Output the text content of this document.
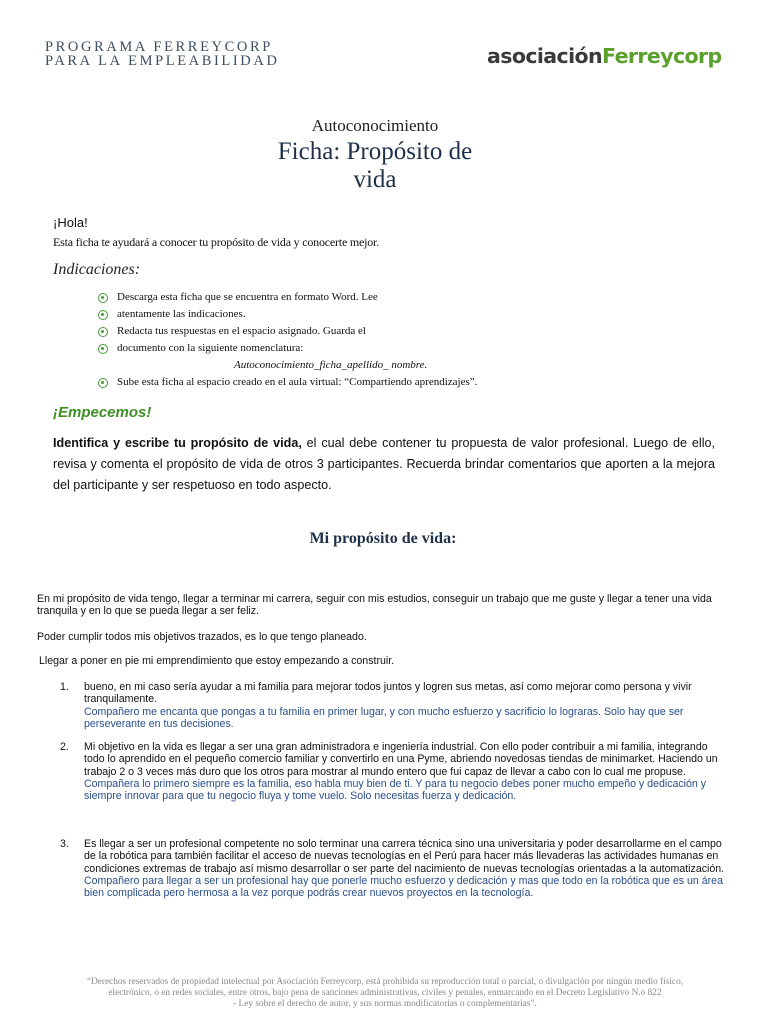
PROGRAMA FERREYCORP
PARA LA EMPLEABILIDAD	asociaciónFerreycorp
Autoconocimiento
Ficha: Propósito de
vida
¡Hola!
Esta ficha te ayudará a conocer tu propósito de vida y conocerte mejor.
Indicaciones:
Descarga esta ficha que se encuentra en formato Word. Lee
atentamente las indicaciones.
Redacta tus respuestas en el espacio asignado. Guarda el
documento con la siguiente nomenclatura:
Autoconocimiento_ficha_apellido_ nombre.
Sube esta ficha al espacio creado en el aula virtual: “Compartiendo aprendizajes”.
¡Empecemos!
Identifica y escribe tu propósito de vida, el cual debe contener tu propuesta de valor profesional. Luego de ello, revisa y comenta el propósito de vida de otros 3 participantes. Recuerda brindar comentarios que aporten a la mejora del participante y ser respetuoso en todo aspecto.
Mi propósito de vida:
En mi propósito de vida tengo, llegar a terminar mi carrera, seguir con mis estudios, conseguir un trabajo que me guste y llegar a tener una vida tranquila y en lo que se pueda llegar a ser feliz.
Poder cumplir todos mis objetivos trazados, es lo que tengo planeado.
Llegar a poner en pie mi emprendimiento que estoy empezando a construir.
1. bueno, en mi caso sería ayudar a mi familia para mejorar todos juntos y logren sus metas, así como mejorar como persona y vivir tranquilamente.
Compañero me encanta que pongas a tu familia en primer lugar, y con mucho esfuerzo y sacrificio lo lograras. Solo hay que ser perseverante en tus decisiones.
2. Mi objetivo en la vida es llegar a ser una gran administradora e ingeniería industrial. Con ello poder contribuir a mi familia, integrando todo lo aprendido en el pequeño comercio familiar y convertirlo en una Pyme, abriendo novedosas tiendas de minimarket. Haciendo un trabajo 2 o 3 veces más duro que los otros para mostrar al mundo entero que fui capaz de llevar a cabo con lo cual me propuse.
Compañera lo primero siempre es la familia, eso habla muy bien de ti. Y para tu negocio debes poner mucho empeño y dedicación y siempre innovar para que tu negocio fluya y tome vuelo. Solo necesitas fuerza y dedicación.
3. Es llegar a ser un profesional competente no solo terminar una carrera técnica sino una universitaria y poder desarrollarme en el campo de la robótica para también facilitar el acceso de nuevas tecnologías en el Perú para hacer más llevaderas las actividades humanas en condiciones extremas de trabajo así mismo desarrollar o ser parte del nacimiento de nuevas tecnologías orientadas a la automatización.
Compañero para llegar a ser un profesional hay que ponerle mucho esfuerzo y dedicación y mas que todo en la robótica que es un área bien complicada pero hermosa a la vez porque podrás crear nuevos proyectos en la tecnología.
“Derechos reservados de propiedad intelectual por Asociación Ferreycorp, está prohibida su reproducción total o parcial, o divulgación por ningún medio físico,
electrónico, o en redes sociales, entre otros, bajo pena de sanciones administrativas, civiles y penales, enmarcando en el Decreto Legislativo N.o 822
- Ley sobre el derecho de autor, y sus normas modificatorias o complementarias”.
